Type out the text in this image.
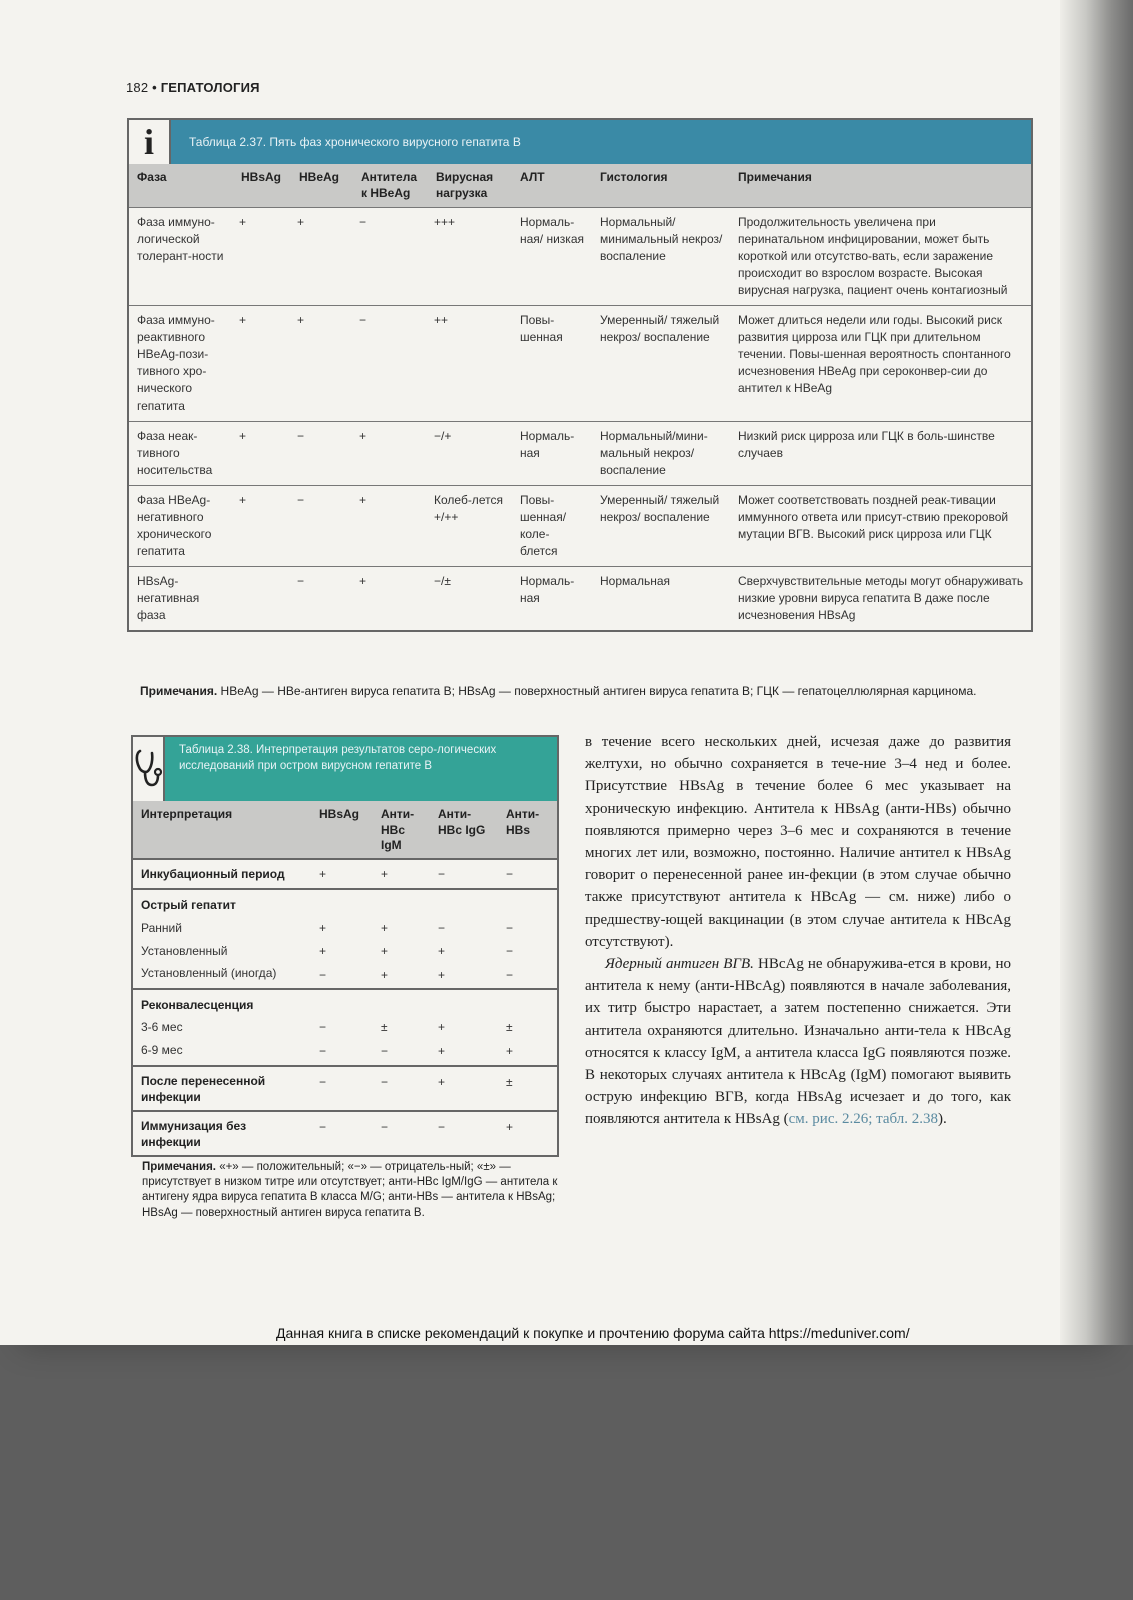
182 • ГЕПАТОЛОГИЯ
i	Таблица 2.37. Пять фаз хронического вирусного гепатита В
Фаза	HBsAg	HBeAg	Антитела к HBeAg	Вирусная нагрузка	АЛТ	Гистология	Примечания
Фаза иммуно-логической толерант-ности	+	+	−	+++	Нормаль-ная/ низкая	Нормальный/ минимальный некроз/ воспаление	Продолжительность увеличена при перинатальном инфицировании, может быть короткой или отсутство-вать, если заражение происходит во взрослом возрасте. Высокая вирусная нагрузка, пациент очень контагиозный
Фаза иммуно-реактивного HBeAg-пози-тивного хро-нического гепатита	+	+	−	++	Повы-шенная	Умеренный/ тяжелый некроз/ воспаление	Может длиться недели или годы. Высокий риск развития цирроза или ГЦК при длительном течении. Повы-шенная вероятность спонтанного исчезновения HBeAg при сероконвер-сии до антител к HBeAg
Фаза неак-тивного носительства	+	−	+	−/+	Нормаль-ная	Нормальный/мини-мальный некроз/ воспаление	Низкий риск цирроза или ГЦК в боль-шинстве случаев
Фаза HBeAg-негативного хронического гепатита	+	−	+	Колеб-лется +/++	Повы-шенная/ коле-блется	Умеренный/ тяжелый некроз/ воспаление	Может соответствовать поздней реак-тивации иммунного ответа или присут-ствию прекоровой мутации ВГВ. Высокий риск цирроза или ГЦК
HBsAg-негативная фаза		−	+	−/±	Нормаль-ная	Нормальная	Сверхчувствительные методы могут обнаруживать низкие уровни вируса гепатита В даже после исчезновения HBsAg
Примечания. HBeAg — HBe-антиген вируса гепатита В; HBsAg — поверхностный антиген вируса гепатита В; ГЦК — гепатоцеллюлярная карцинома.
Таблица 2.38. Интерпретация результатов серо-логических исследований при остром вирусном гепатите В
Интерпретация	HBsAg	Анти-HBc IgM	Анти-HBc IgG	Анти-HBs
Инкубационный период	+	+	−	−
Острый гепатит				
Ранний	+	+	−	−
Установленный	+	+	+	−
Установленный (иногда)	−	+	+	−
Реконвалесценция				
3-6 мес	−	±	+	±
6-9 мес	−	−	+	+
После перенесенной инфекции	−	−	+	±
Иммунизация без инфекции	−	−	−	+
Примечания. «+» — положительный; «−» — отрицатель-ный; «±» — присутствует в низком титре или отсутствует; анти-HBc IgM/IgG — антитела к антигену ядра вируса гепатита В класса M/G; анти-HBs — антитела к HBsAg; HBsAg — поверхностный антиген вируса гепатита В.

в течение всего нескольких дней, исчезая даже до развития желтухи, но обычно сохраняется в тече-ние 3–4 нед и более. Присутствие HBsAg в течение более 6 мес указывает на хроническую инфекцию. Антитела к HBsAg (анти-HBs) обычно появляются примерно через 3–6 мес и сохраняются в течение многих лет или, возможно, постоянно. Наличие антител к HBsAg говорит о перенесенной ранее ин-фекции (в этом случае обычно также присутствуют антитела к HBcAg — см. ниже) либо о предшеству-ющей вакцинации (в этом случае антитела к HBcAg отсутствуют).

Ядерный антиген ВГВ. HBcAg не обнаружива-ется в крови, но антитела к нему (анти-HBcAg) появляются в начале заболевания, их титр быстро нарастает, а затем постепенно снижается. Эти антитела охраняются длительно. Изначально анти-тела к HBcAg относятся к классу IgM, а антитела класса IgG появляются позже. В некоторых случаях антитела к HBcAg (IgM) помогают выявить острую инфекцию ВГВ, когда HBsAg исчезает и до того, как появляются антитела к HBsAg (см. рис. 2.26; табл. 2.38).

Данная книга в списке рекомендаций к покупке и прочтению форума сайта https://meduniver.com/
